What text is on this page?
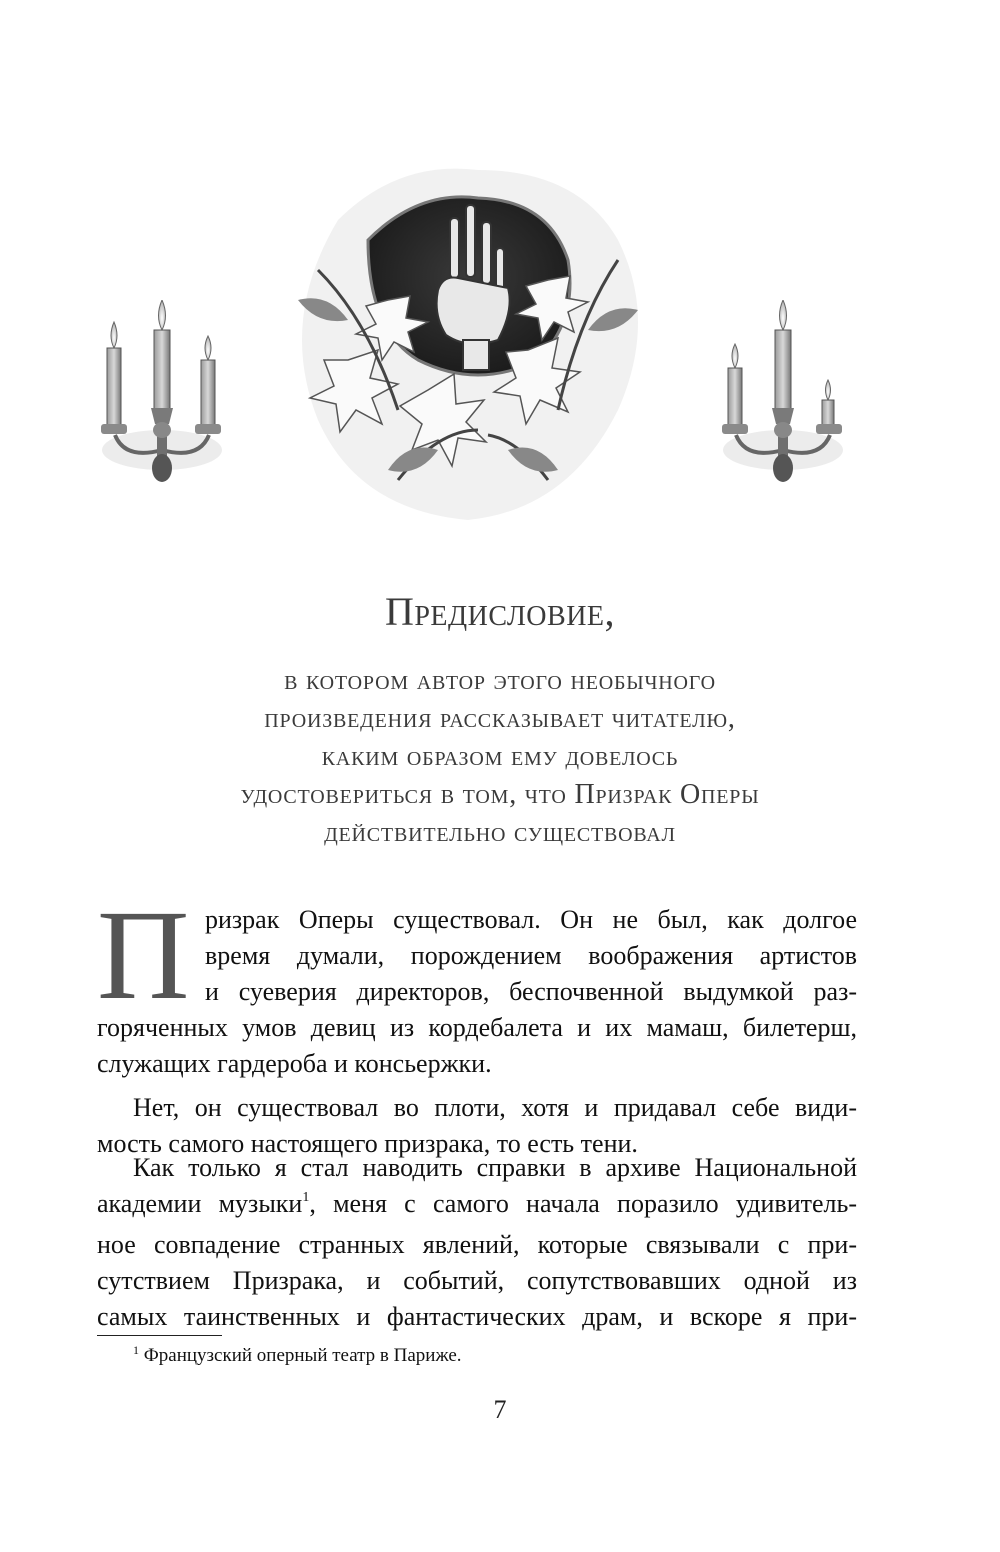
Предисловие,
в котором автор этого необычного
произведения рассказывает читателю,
каким образом ему довелось
удостовериться в том, что Призрак Оперы
действительно существовал
П ризрак Оперы существовал. Он не был, как долгое
время думали, порождением воображения артистов
и суеверия директоров, беспочвенной выдумкой раз-
горяченных умов девиц из кордебалета и их мамаш, билетерш,
служащих гардероба и консьержки.
Нет, он существовал во плоти, хотя и придавал себе види-
мость самого настоящего призрака, то есть тени.
Как только я стал наводить справки в архиве Национальной
академии музыки$^1$, меня с самого начала поразило удивитель-
ное совпадение странных явлений, которые связывали с при-
сутствием Призрака, и событий, сопутствовавших одной из
самых таинственных и фантастических драм, и вскоре я при-
$^1$ Французский оперный театр в Париже.
7
